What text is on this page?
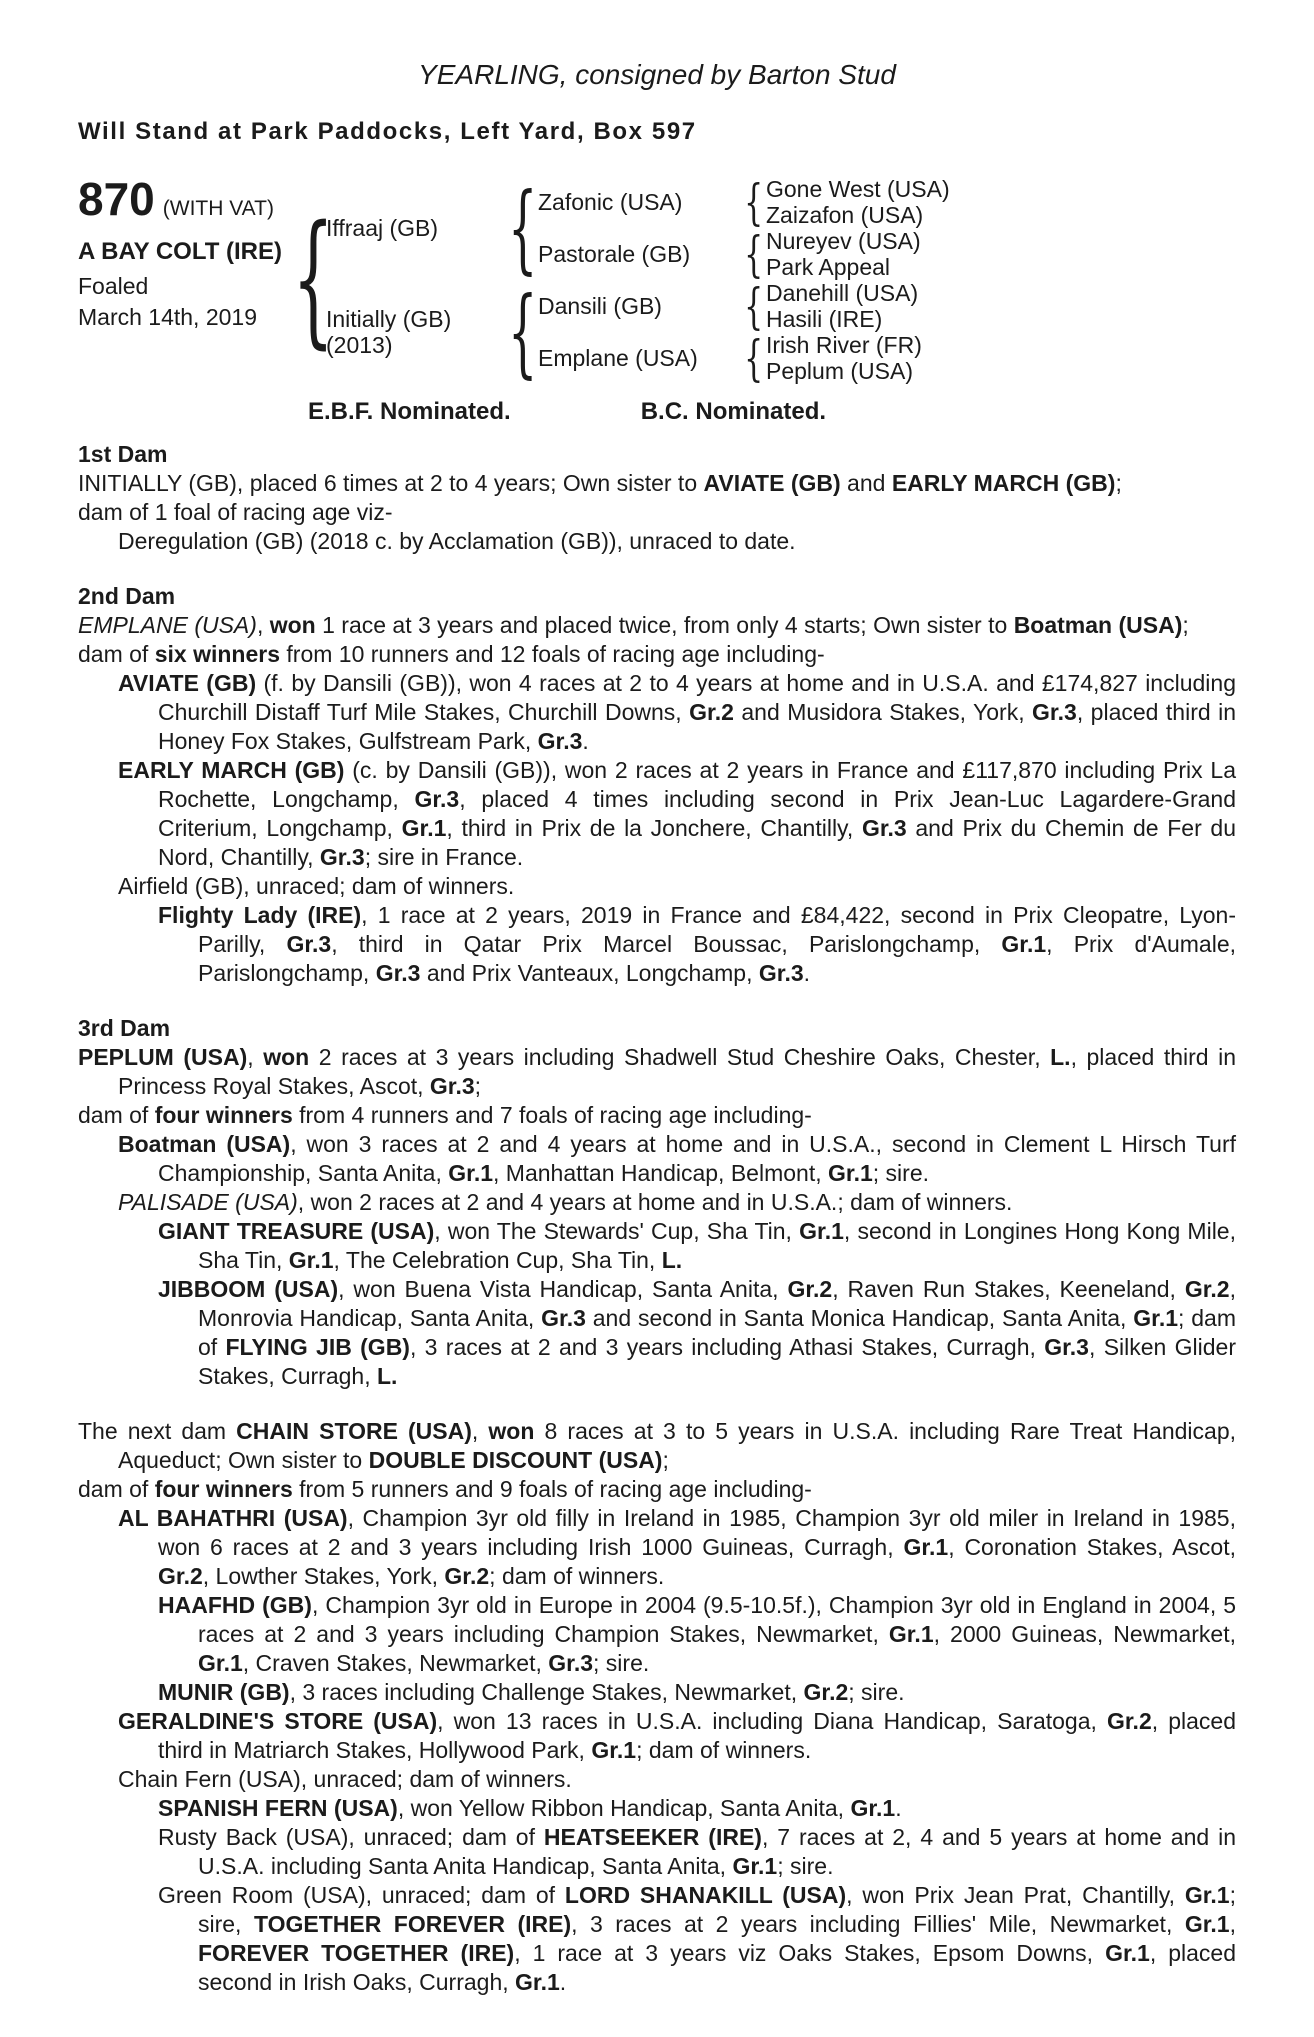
YEARLING, consigned by Barton Stud
Will Stand at Park Paddocks, Left Yard, Box 597
870 (WITH VAT)
A BAY COLT (IRE)
Foaled
March 14th, 2019 {
Iffraaj (GB)
Initially (GB)
(2013)
{
{
Zafonic (USA)
Pastorale (GB)
Dansili (GB)
Emplane (USA)
{
{
{
{
Gone West (USA)
Zaizafon (USA)
Nureyev (USA)
Park Appeal
Danehill (USA)
Hasili (IRE)
Irish River (FR)
Peplum (USA)
E.B.F. Nominated.	B.C. Nominated.

1st Dam

INITIALLY (GB), placed 6 times at 2 to 4 years; Own sister to AVIATE (GB) and EARLY MARCH (GB);

dam of 1 foal of racing age viz-

Deregulation (GB) (2018 c. by Acclamation (GB)), unraced to date.

2nd Dam

EMPLANE (USA), won 1 race at 3 years and placed twice, from only 4 starts; Own sister to Boatman (USA);

dam of six winners from 10 runners and 12 foals of racing age including-

AVIATE (GB) (f. by Dansili (GB)), won 4 races at 2 to 4 years at home and in U.S.A. and £174,827 including Churchill Distaff Turf Mile Stakes, Churchill Downs, Gr.2 and Musidora Stakes, York, Gr.3, placed third in Honey Fox Stakes, Gulfstream Park, Gr.3.

EARLY MARCH (GB) (c. by Dansili (GB)), won 2 races at 2 years in France and £117,870 including Prix La Rochette, Longchamp, Gr.3, placed 4 times including second in Prix Jean-Luc Lagardere-Grand Criterium, Longchamp, Gr.1, third in Prix de la Jonchere, Chantilly, Gr.3 and Prix du Chemin de Fer du Nord, Chantilly, Gr.3; sire in France.

Airfield (GB), unraced; dam of winners.

Flighty Lady (IRE), 1 race at 2 years, 2019 in France and £84,422, second in Prix Cleopatre, Lyon-Parilly, Gr.3, third in Qatar Prix Marcel Boussac, Parislongchamp, Gr.1, Prix d'Aumale, Parislongchamp, Gr.3 and Prix Vanteaux, Longchamp, Gr.3.

3rd Dam

PEPLUM (USA), won 2 races at 3 years including Shadwell Stud Cheshire Oaks, Chester, L., placed third in Princess Royal Stakes, Ascot, Gr.3;

dam of four winners from 4 runners and 7 foals of racing age including-

Boatman (USA), won 3 races at 2 and 4 years at home and in U.S.A., second in Clement L Hirsch Turf Championship, Santa Anita, Gr.1, Manhattan Handicap, Belmont, Gr.1; sire.

PALISADE (USA), won 2 races at 2 and 4 years at home and in U.S.A.; dam of winners.

GIANT TREASURE (USA), won The Stewards' Cup, Sha Tin, Gr.1, second in Longines Hong Kong Mile, Sha Tin, Gr.1, The Celebration Cup, Sha Tin, L.

JIBBOOM (USA), won Buena Vista Handicap, Santa Anita, Gr.2, Raven Run Stakes, Keeneland, Gr.2, Monrovia Handicap, Santa Anita, Gr.3 and second in Santa Monica Handicap, Santa Anita, Gr.1; dam of FLYING JIB (GB), 3 races at 2 and 3 years including Athasi Stakes, Curragh, Gr.3, Silken Glider Stakes, Curragh, L.

The next dam CHAIN STORE (USA), won 8 races at 3 to 5 years in U.S.A. including Rare Treat Handicap, Aqueduct; Own sister to DOUBLE DISCOUNT (USA);

dam of four winners from 5 runners and 9 foals of racing age including-

AL BAHATHRI (USA), Champion 3yr old filly in Ireland in 1985, Champion 3yr old miler in Ireland in 1985, won 6 races at 2 and 3 years including Irish 1000 Guineas, Curragh, Gr.1, Coronation Stakes, Ascot, Gr.2, Lowther Stakes, York, Gr.2; dam of winners.

HAAFHD (GB), Champion 3yr old in Europe in 2004 (9.5-10.5f.), Champion 3yr old in England in 2004, 5 races at 2 and 3 years including Champion Stakes, Newmarket, Gr.1, 2000 Guineas, Newmarket, Gr.1, Craven Stakes, Newmarket, Gr.3; sire.

MUNIR (GB), 3 races including Challenge Stakes, Newmarket, Gr.2; sire.

GERALDINE'S STORE (USA), won 13 races in U.S.A. including Diana Handicap, Saratoga, Gr.2, placed third in Matriarch Stakes, Hollywood Park, Gr.1; dam of winners.

Chain Fern (USA), unraced; dam of winners.

SPANISH FERN (USA), won Yellow Ribbon Handicap, Santa Anita, Gr.1.

Rusty Back (USA), unraced; dam of HEATSEEKER (IRE), 7 races at 2, 4 and 5 years at home and in U.S.A. including Santa Anita Handicap, Santa Anita, Gr.1; sire.

Green Room (USA), unraced; dam of LORD SHANAKILL (USA), won Prix Jean Prat, Chantilly, Gr.1; sire, TOGETHER FOREVER (IRE), 3 races at 2 years including Fillies' Mile, Newmarket, Gr.1, FOREVER TOGETHER (IRE), 1 race at 3 years viz Oaks Stakes, Epsom Downs, Gr.1, placed second in Irish Oaks, Curragh, Gr.1.
